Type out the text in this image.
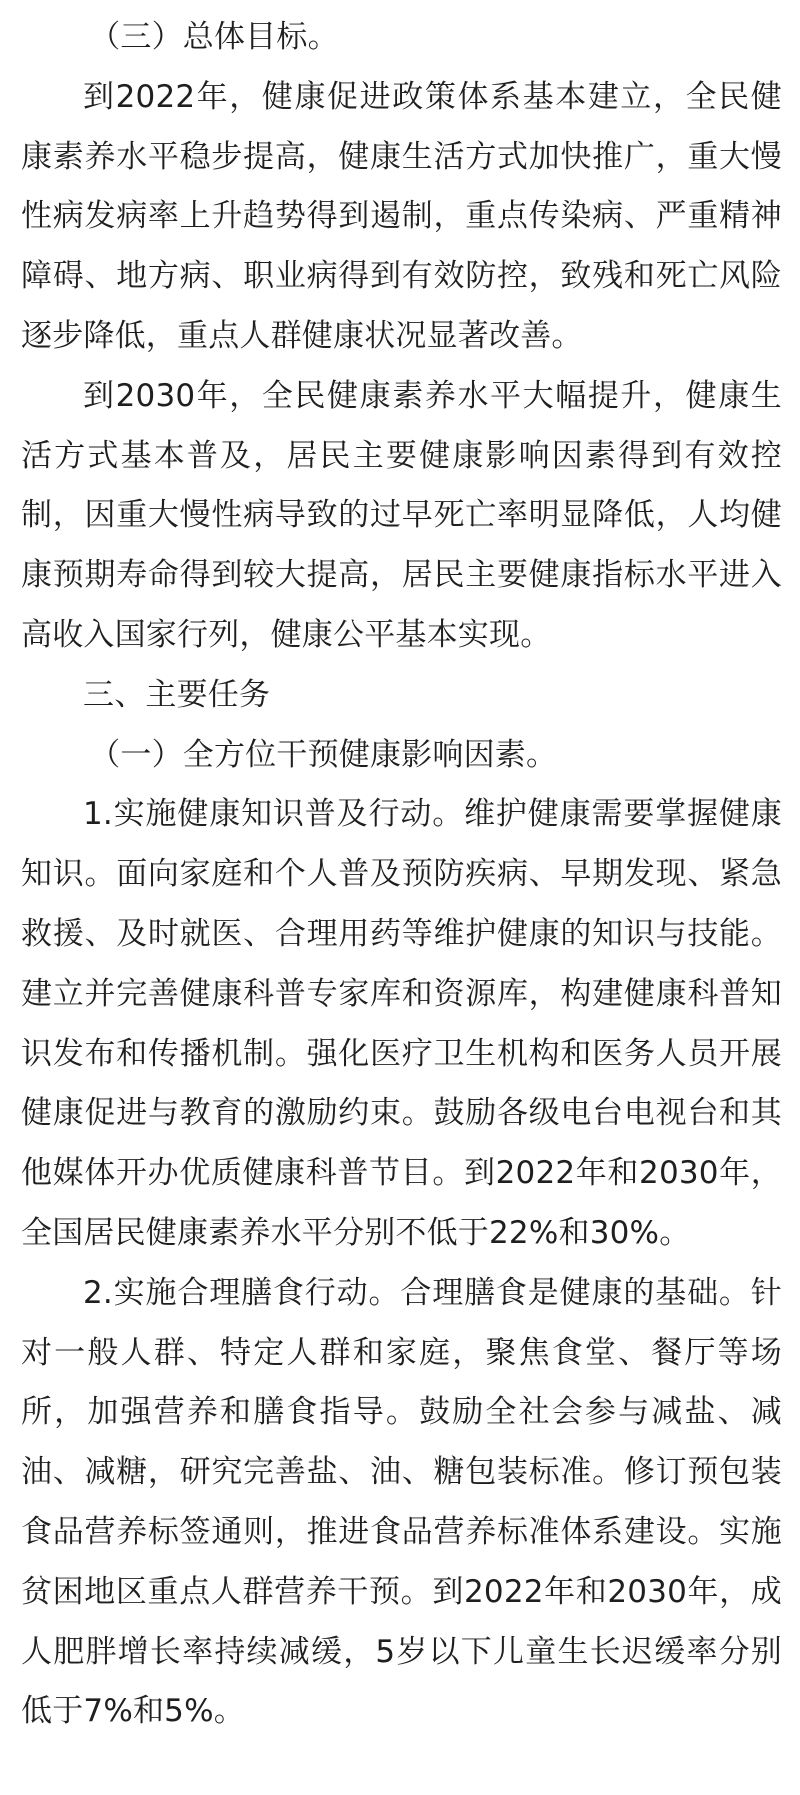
（三）总体目标。

到2022年，健康促进政策体系基本建立，全民健康素养水平稳步提高，健康生活方式加快推广，重大慢性病发病率上升趋势得到遏制，重点传染病、严重精神障碍、地方病、职业病得到有效防控，致残和死亡风险逐步降低，重点人群健康状况显著改善。

到2030年，全民健康素养水平大幅提升，健康生活方式基本普及，居民主要健康影响因素得到有效控制，因重大慢性病导致的过早死亡率明显降低，人均健康预期寿命得到较大提高，居民主要健康指标水平进入高收入国家行列，健康公平基本实现。

三、主要任务

（一）全方位干预健康影响因素。

1.实施健康知识普及行动。维护健康需要掌握健康知识。面向家庭和个人普及预防疾病、早期发现、紧急救援、及时就医、合理用药等维护健康的知识与技能。建立并完善健康科普专家库和资源库，构建健康科普知识发布和传播机制。强化医疗卫生机构和医务人员开展健康促进与教育的激励约束。鼓励各级电台电视台和其他媒体开办优质健康科普节目。到2022年和2030年，全国居民健康素养水平分别不低于22%和30%。

2.实施合理膳食行动。合理膳食是健康的基础。针对一般人群、特定人群和家庭，聚焦食堂、餐厅等场所，加强营养和膳食指导。鼓励全社会参与减盐、减油、减糖，研究完善盐、油、糖包装标准。修订预包装食品营养标签通则，推进食品营养标准体系建设。实施贫困地区重点人群营养干预。到2022年和2030年，成人肥胖增长率持续减缓，5岁以下儿童生长迟缓率分别低于7%和5%。
